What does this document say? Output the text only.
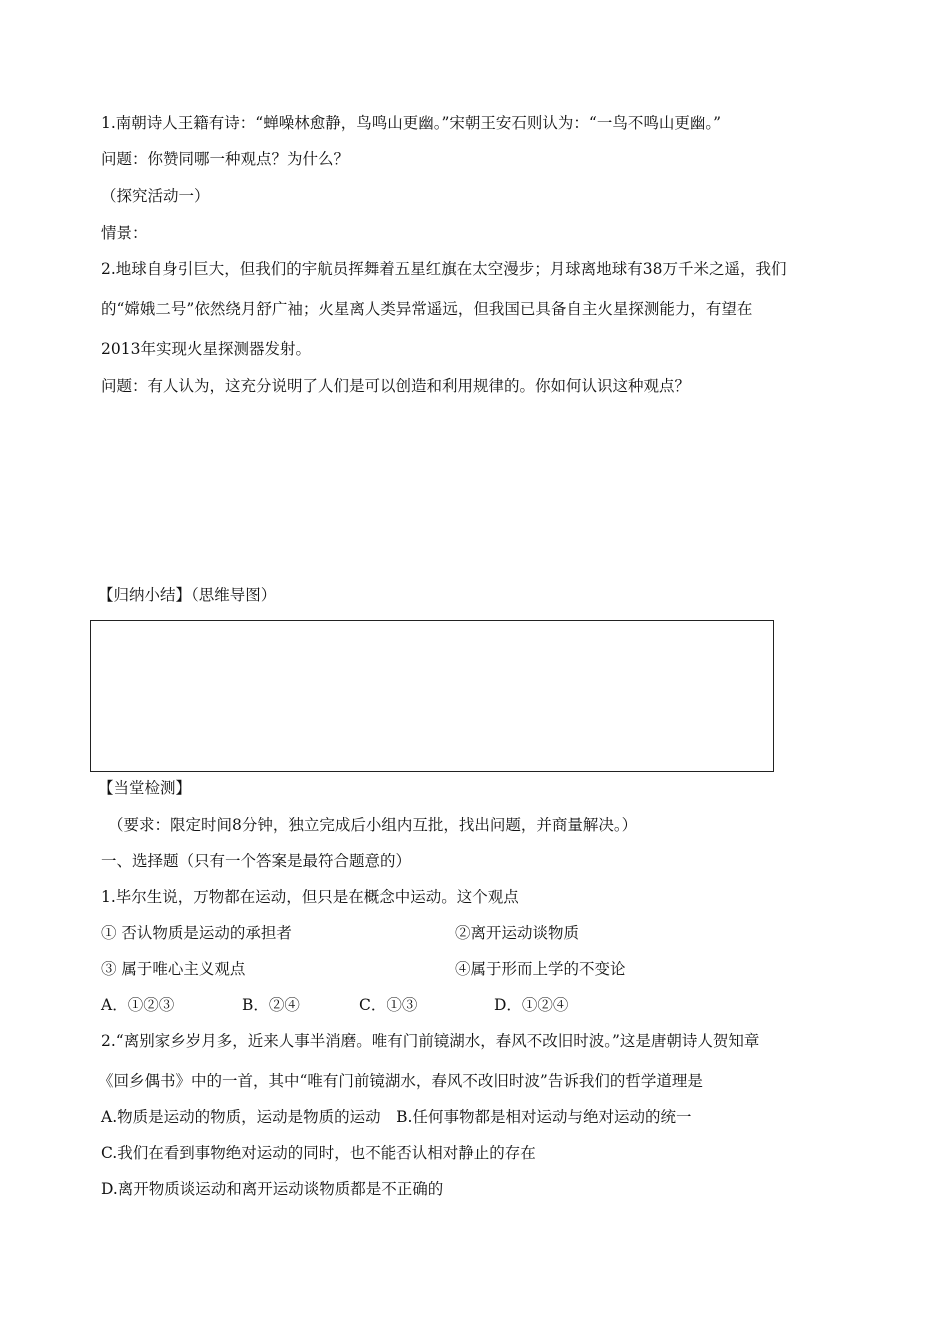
1.南朝诗人王籍有诗：“蝉噪林愈静，鸟鸣山更幽。”宋朝王安石则认为：“一鸟不鸣山更幽。”
问题：你赞同哪一种观点？为什么？
（探究活动一）
情景：
2.地球自身引巨大，但我们的宇航员挥舞着五星红旗在太空漫步；月球离地球有38万千米之遥，我们
的“嫦娥二号”依然绕月舒广袖；火星离人类异常遥远，但我国已具备自主火星探测能力，有望在
2013年实现火星探测器发射。
问题：有人认为，这充分说明了人们是可以创造和利用规律的。你如何认识这种观点？
【归纳小结】（思维导图）
【当堂检测】
（要求：限定时间8分钟，独立完成后小组内互批，找出问题，并商量解决。）
一、选择题（只有一个答案是最符合题意的）
1.毕尔生说，万物都在运动，但只是在概念中运动。这个观点
① 否认物质是运动的承担者	②离开运动谈物质
③ 属于唯心主义观点	④属于形而上学的不变论
A．①②③	B．②④	C．①③	D．①②④
2.“离别家乡岁月多，近来人事半消磨。唯有门前镜湖水，春风不改旧时波。”这是唐朝诗人贺知章
《回乡偶书》中的一首，其中“唯有门前镜湖水，春风不改旧时波”告诉我们的哲学道理是
A.物质是运动的物质，运动是物质的运动　B.任何事物都是相对运动与绝对运动的统一
C.我们在看到事物绝对运动的同时，也不能否认相对静止的存在
D.离开物质谈运动和离开运动谈物质都是不正确的
